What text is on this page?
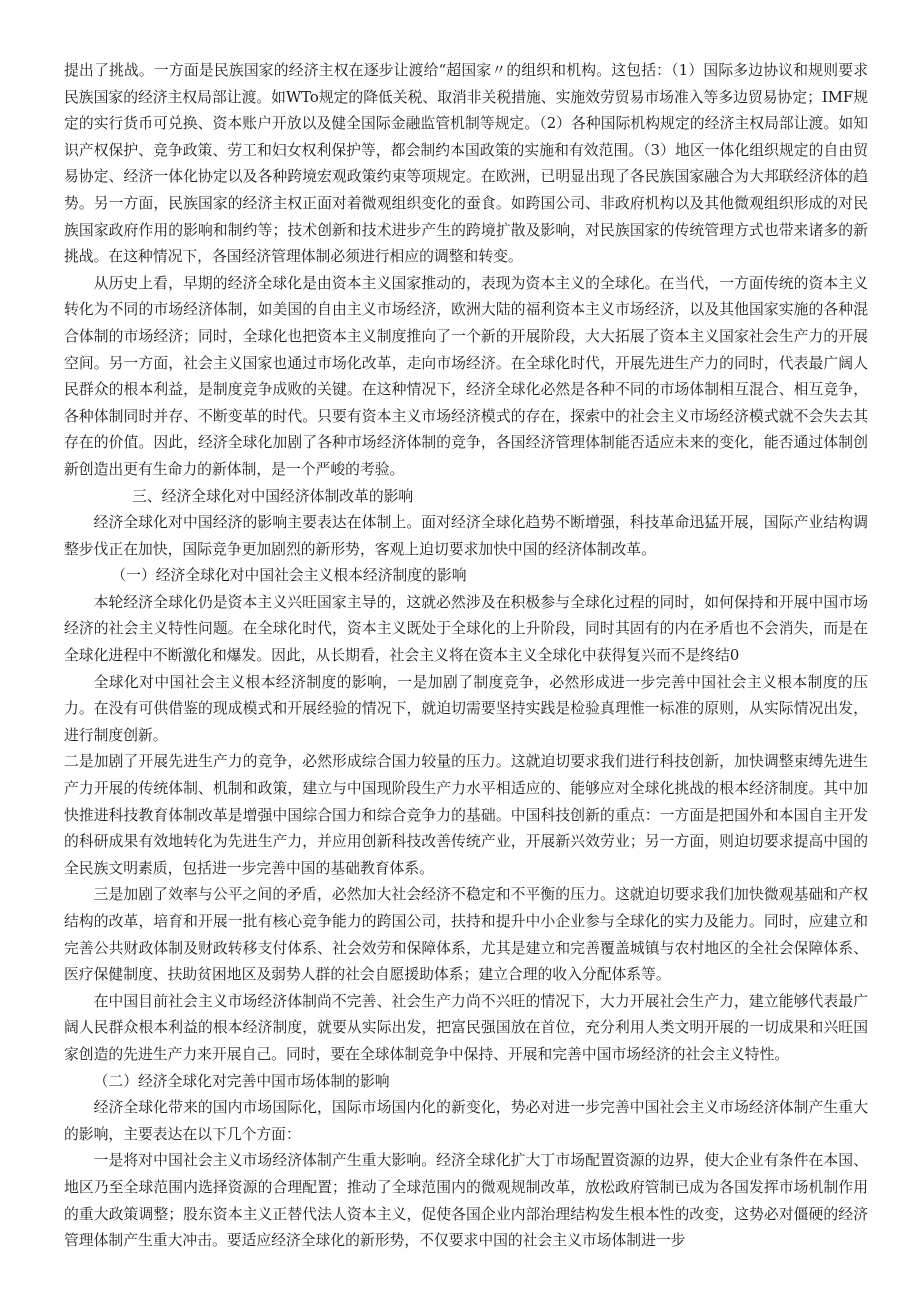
提出了挑战。一方面是民族国家的经济主权在逐步让渡给“超国家〃的组织和机构。这包括：（1）国际多边协议和规则要求民族国家的经济主权局部让渡。如WTo规定的降低关税、取消非关税措施、实施效劳贸易市场准入等多边贸易协定；IMF规定的实行货币可兑换、资本账户开放以及健全国际金融监管机制等规定。（2）各种国际机构规定的经济主权局部让渡。如知识产权保护、竞争政策、劳工和妇女权利保护等，都会制约本国政策的实施和有效范围。（3）地区一体化组织规定的自由贸易协定、经济一体化协定以及各种跨境宏观政策约束等项规定。在欧洲，已明显出现了各民族国家融合为大邦联经济体的趋势。另一方面，民族国家的经济主权正面对着微观组织变化的蚕食。如跨国公司、非政府机构以及其他微观组织形成的对民族国家政府作用的影响和制约等；技术创新和技术进步产生的跨境扩散及影响，对民族国家的传统管理方式也带来诸多的新挑战。在这种情况下，各国经济管理体制必须进行相应的调整和转变。

从历史上看，早期的经济全球化是由资本主义国家推动的，表现为资本主义的全球化。在当代，一方面传统的资本主义转化为不同的市场经济体制，如美国的自由主义市场经济，欧洲大陆的福利资本主义市场经济，以及其他国家实施的各种混合体制的市场经济；同时，全球化也把资本主义制度推向了一个新的开展阶段，大大拓展了资本主义国家社会生产力的开展空间。另一方面，社会主义国家也通过市场化改革，走向市场经济。在全球化时代，开展先进生产力的同时，代表最广阔人民群众的根本利益，是制度竞争成败的关键。在这种情况下，经济全球化必然是各种不同的市场体制相互混合、相互竞争，各种体制同时并存、不断变革的时代。只要有资本主义市场经济模式的存在，探索中的社会主义市场经济模式就不会失去其存在的价值。因此，经济全球化加剧了各种市场经济体制的竞争，各国经济管理体制能否适应未来的变化，能否通过体制创新创造出更有生命力的新体制，是一个严峻的考验。

三、经济全球化对中国经济体制改革的影响

经济全球化对中国经济的影响主要表达在体制上。面对经济全球化趋势不断增强，科技革命迅猛开展，国际产业结构调整步伐正在加快，国际竞争更加剧烈的新形势，客观上迫切要求加快中国的经济体制改革。

（一）经济全球化对中国社会主义根本经济制度的影响

本轮经济全球化仍是资本主义兴旺国家主导的，这就必然涉及在积极参与全球化过程的同时，如何保持和开展中国市场经济的社会主义特性问题。在全球化时代，资本主义既处于全球化的上升阶段，同时其固有的内在矛盾也不会消失，而是在全球化进程中不断激化和爆发。因此，从长期看，社会主义将在资本主义全球化中获得复兴而不是终结0

全球化对中国社会主义根本经济制度的影响，一是加剧了制度竞争，必然形成进一步完善中国社会主义根本制度的压力。在没有可供借鉴的现成模式和开展经验的情况下，就迫切需要坚持实践是检验真理惟一标准的原则，从实际情况出发，进行制度创新。

二是加剧了开展先进生产力的竞争，必然形成综合国力较量的压力。这就迫切要求我们进行科技创新，加快调整束缚先进生产力开展的传统体制、机制和政策，建立与中国现阶段生产力水平相适应的、能够应对全球化挑战的根本经济制度。其中加快推进科技教育体制改革是增强中国综合国力和综合竞争力的基础。中国科技创新的重点：一方面是把国外和本国自主开发的科研成果有效地转化为先进生产力，并应用创新科技改善传统产业，开展新兴效劳业；另一方面，则迫切要求提高中国的全民族文明素质，包括进一步完善中国的基础教育体系。

三是加剧了效率与公平之间的矛盾，必然加大社会经济不稳定和不平衡的压力。这就迫切要求我们加快微观基础和产权结构的改革，培育和开展一批有核心竞争能力的跨国公司，扶持和提升中小企业参与全球化的实力及能力。同时，应建立和完善公共财政体制及财政转移支付体系、社会效劳和保障体系，尤其是建立和完善覆盖城镇与农村地区的全社会保障体系、医疗保健制度、扶助贫困地区及弱势人群的社会自愿援助体系；建立合理的收入分配体系等。

在中国目前社会主义市场经济体制尚不完善、社会生产力尚不兴旺的情况下，大力开展社会生产力，建立能够代表最广阔人民群众根本利益的根本经济制度，就要从实际出发，把富民强国放在首位，充分利用人类文明开展的一切成果和兴旺国家创造的先进生产力来开展自己。同时，要在全球体制竞争中保持、开展和完善中国市场经济的社会主义特性。

（二）经济全球化对完善中国市场体制的影响

经济全球化带来的国内市场国际化，国际市场国内化的新变化，势必对进一步完善中国社会主义市场经济体制产生重大的影响，主要表达在以下几个方面：

一是将对中国社会主义市场经济体制产生重大影响。经济全球化扩大丁市场配置资源的边界，使大企业有条件在本国、地区乃至全球范围内选择资源的合理配置；推动了全球范围内的微观规制改革，放松政府管制已成为各国发挥市场机制作用的重大政策调整；股东资本主义正替代法人资本主义，促使各国企业内部治理结构发生根本性的改变，这势必对僵硬的经济管理体制产生重大冲击。要适应经济全球化的新形势，不仅要求中国的社会主义市场体制进一步
